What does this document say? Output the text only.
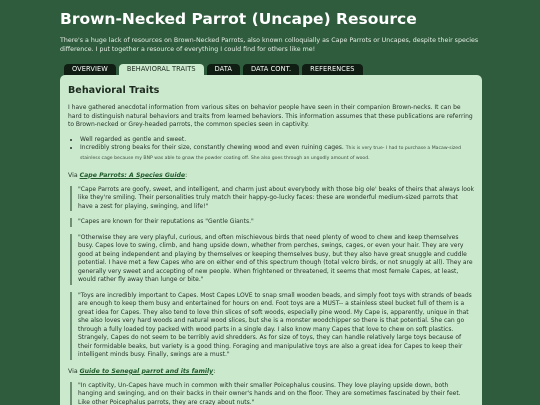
Brown-Necked Parrot (Uncape) Resource
There's a huge lack of resources on Brown-Necked Parrots, also known colloquially as Cape Parrots or Uncapes, despite their species difference. I put together a resource of everything I could find for others like me!
OVERVIEW	BEHAVIORAL TRAITS	DATA	DATA CONT.	REFERENCES
Behavioral Traits

I have gathered anecdotal information from various sites on behavior people have seen in their companion Brown-necks. It can be hard to distinguish natural behaviors and traits from learned behaviors. This information assumes that these publications are referring to Brown-necked or Grey-headed parrots, the common species seen in captivity.

• Well regarded as gentle and sweet.
• Incredibly strong beaks for their size, constantly chewing wood and even ruining cages. This is very true- I had to purchase a Macaw-sized stainless cage because my BNP was able to gnaw the powder coating off. She also goes through an ungodly amount of wood.
Via Cape Parrots: A Species Guide:
"Cape Parrots are goofy, sweet, and intelligent, and charm just about everybody with those big ole' beaks of theirs that always look like they're smiling. Their personalities truly match their happy-go-lucky faces: these are wonderful medium-sized parrots that have a zest for playing, swinging, and life!"
"Capes are known for their reputations as "Gentle Giants."
"Otherwise they are very playful, curious, and often mischievous birds that need plenty of wood to chew and keep themselves busy. Capes love to swing, climb, and hang upside down, whether from perches, swings, cages, or even your hair. They are very good at being independent and playing by themselves or keeping themselves busy, but they also have great snuggle and cuddle potential. I have met a few Capes who are on either end of this spectrum though (total velcro birds, or not snuggly at all). They are generally very sweet and accepting of new people. When frightened or threatened, it seems that most female Capes, at least, would rather fly away than lunge or bite."
"Toys are incredibly important to Capes. Most Capes LOVE to snap small wooden beads, and simply foot toys with strands of beads are enough to keep them busy and entertained for hours on end. Foot toys are a MUST-- a stainless steel bucket full of them is a great idea for Capes. They also tend to love thin slices of soft woods, especially pine wood. My Cape is, apparently, unique in that she also loves very hard woods and natural wood slices, but she is a monster woodchipper so there is that potential. She can go through a fully loaded toy packed with wood parts in a single day. I also know many Capes that love to chew on soft plastics. Strangely, Capes do not seem to be terribly avid shredders. As for size of toys, they can handle relatively large toys because of their formidable beaks, but variety is a good thing. Foraging and manipulative toys are also a great idea for Capes to keep their intelligent minds busy. Finally, swings are a must."
Via Guide to Senegal parrot and its family:
"In captivity, Un-Capes have much in common with their smaller Poicephalus cousins. They love playing upside down, both hanging and swinging, and on their backs in their owner's hands and on the floor. They are sometimes fascinated by their feet. Like other Poicephalus parrots, they are crazy about nuts."
